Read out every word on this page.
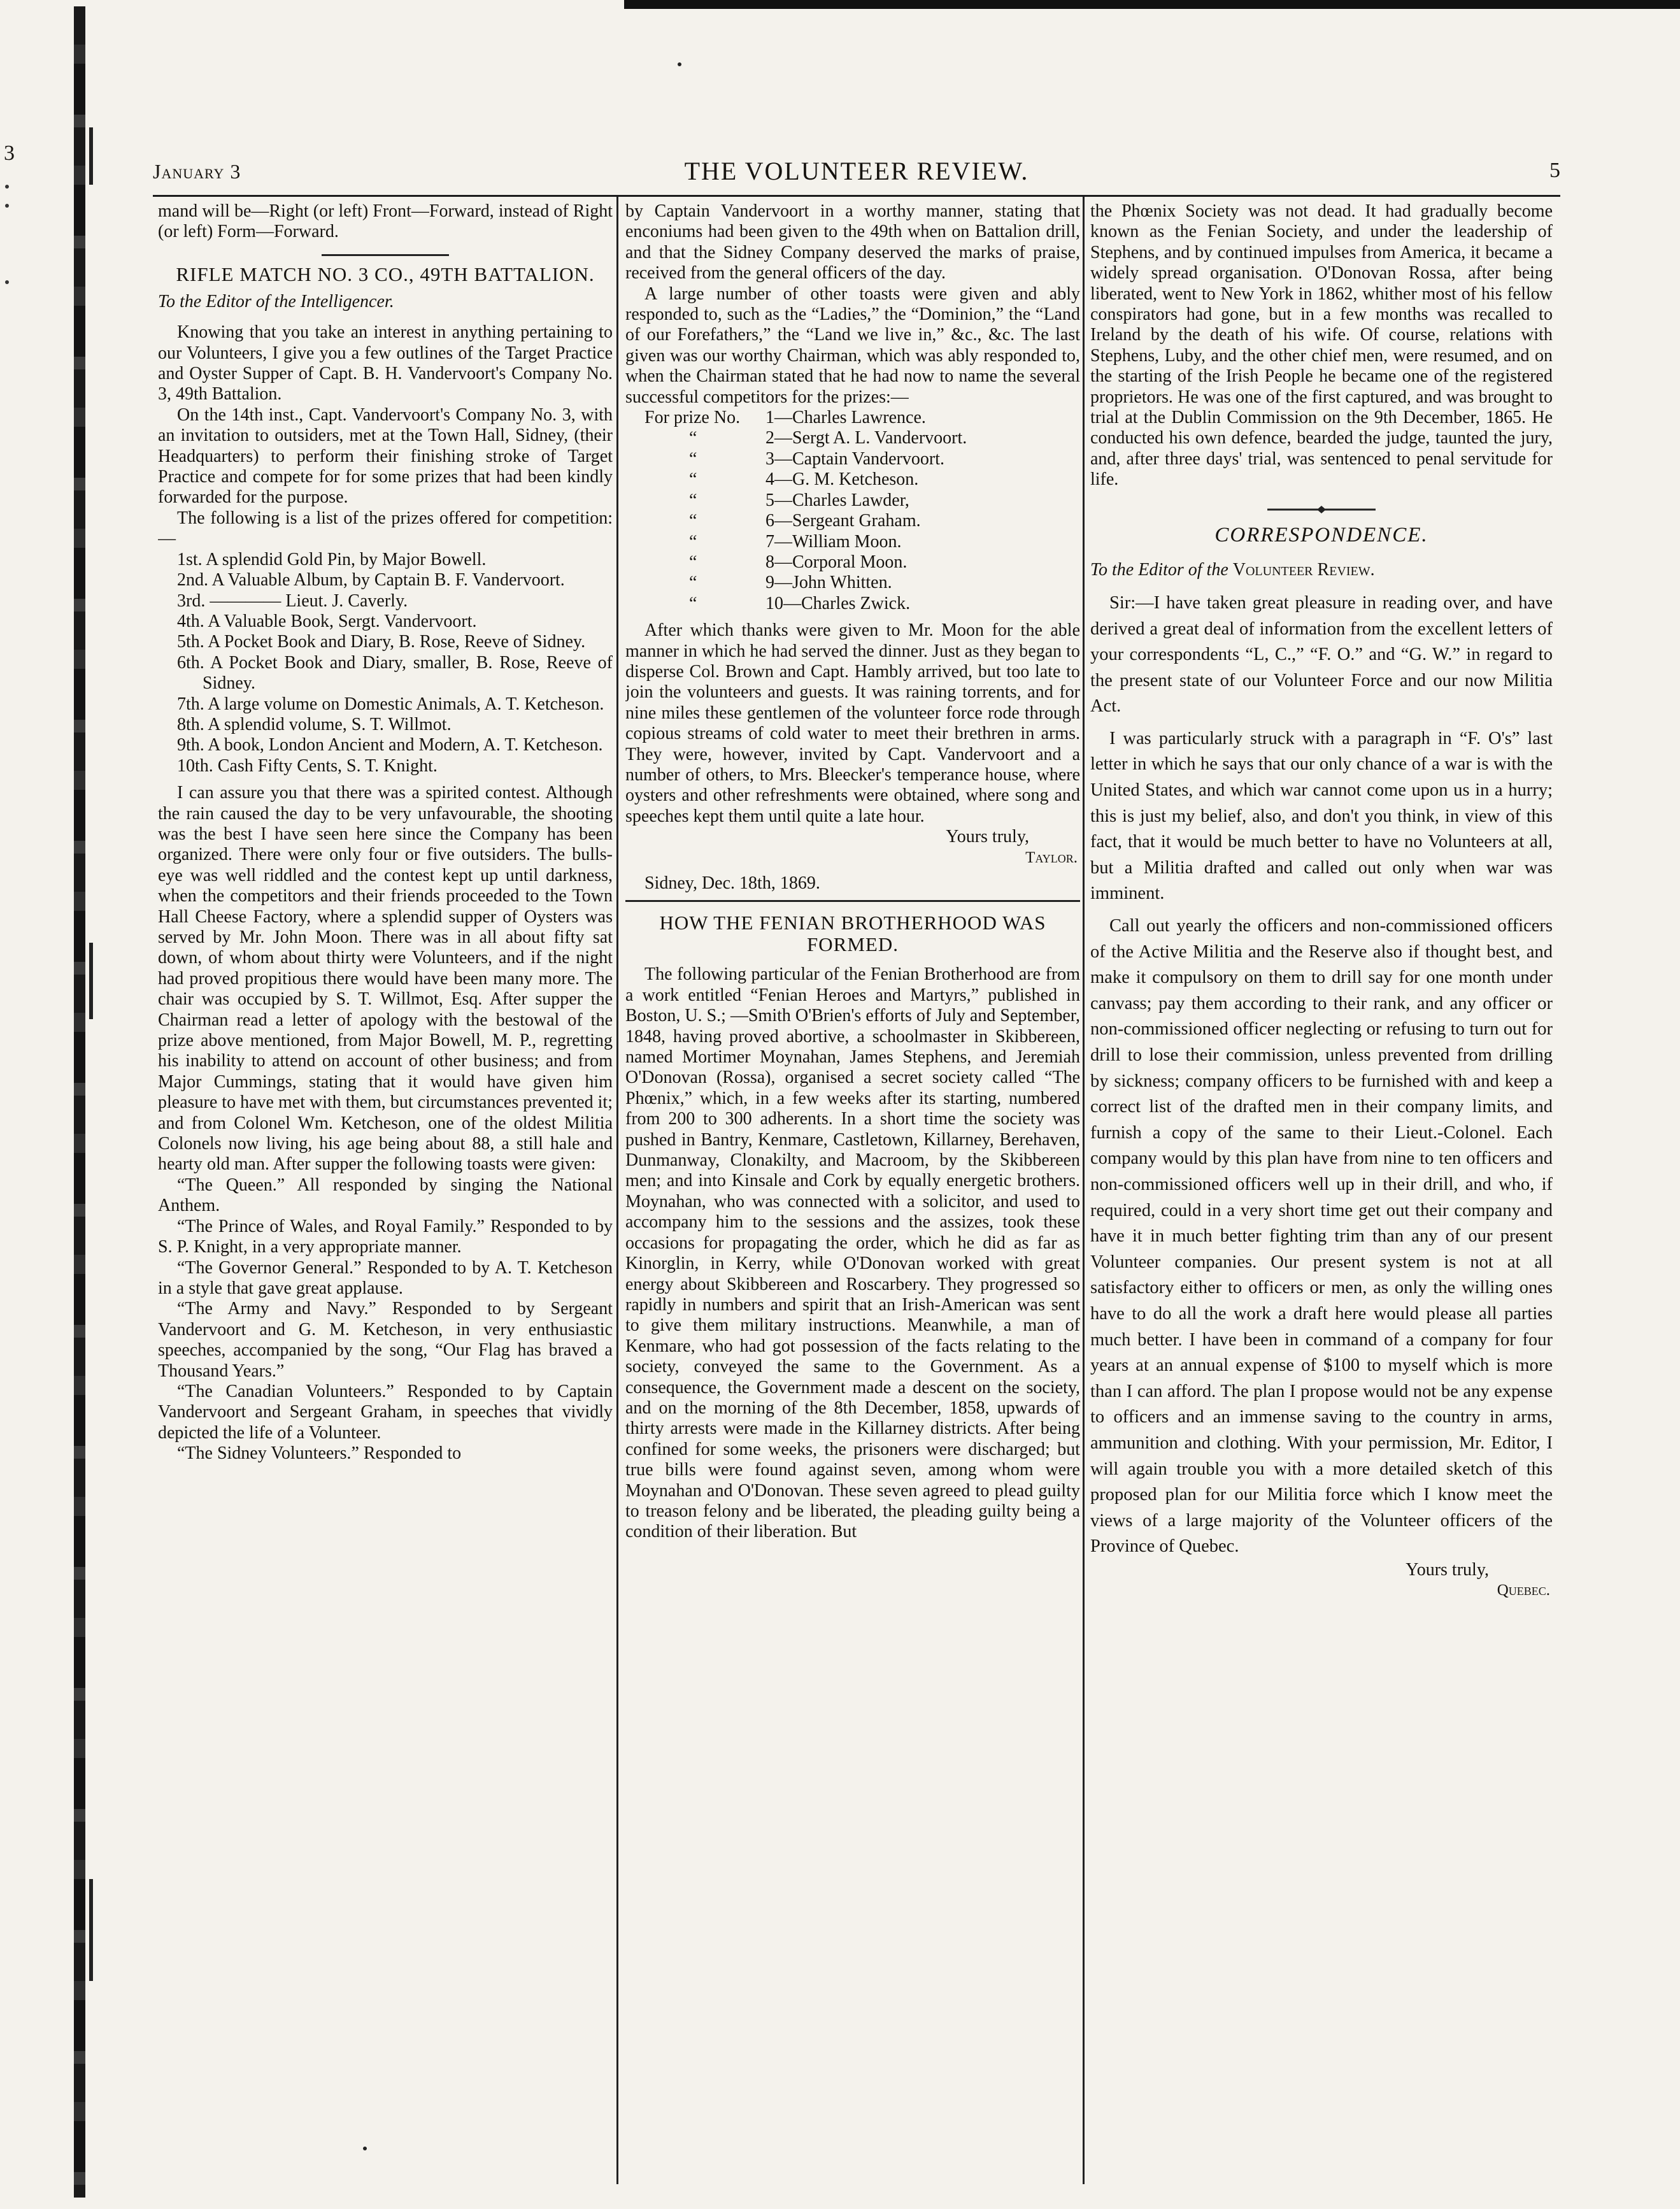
3
January 3	THE VOLUNTEER REVIEW.	5

mand will be—Right (or left) Front—Forward, instead of Right (or left) Form—Forward.

RIFLE MATCH NO. 3 CO., 49TH BATTALION.

To the Editor of the Intelligencer.

Knowing that you take an interest in anything pertaining to our Volunteers, I give you a few outlines of the Target Practice and Oyster Supper of Capt. B. H. Vandervoort's Company No. 3, 49th Battalion.

On the 14th inst., Capt. Vandervoort's Company No. 3, with an invitation to outsiders, met at the Town Hall, Sidney, (their Headquarters) to perform their finishing stroke of Target Practice and compete for for some prizes that had been kindly forwarded for the purpose.

The following is a list of the prizes offered for competition:—

1st. A splendid Gold Pin, by Major Bowell.

2nd. A Valuable Album, by Captain B. F. Vandervoort.

3rd. ———— Lieut. J. Caverly.

4th. A Valuable Book, Sergt. Vandervoort.

5th. A Pocket Book and Diary, B. Rose, Reeve of Sidney.

6th. A Pocket Book and Diary, smaller, B. Rose, Reeve of Sidney.

7th. A large volume on Domestic Animals, A. T. Ketcheson.

8th. A splendid volume, S. T. Willmot.

9th. A book, London Ancient and Modern, A. T. Ketcheson.

10th. Cash Fifty Cents, S. T. Knight.

I can assure you that there was a spirited contest. Although the rain caused the day to be very unfavourable, the shooting was the best I have seen here since the Company has been organized. There were only four or five outsiders. The bulls-eye was well riddled and the contest kept up until darkness, when the competitors and their friends proceeded to the Town Hall Cheese Factory, where a splendid supper of Oysters was served by Mr. John Moon. There was in all about fifty sat down, of whom about thirty were Volunteers, and if the night had proved propitious there would have been many more. The chair was occupied by S. T. Willmot, Esq. After supper the Chairman read a letter of apology with the bestowal of the prize above mentioned, from Major Bowell, M. P., regretting his inability to attend on account of other business; and from Major Cummings, stating that it would have given him pleasure to have met with them, but circumstances prevented it; and from Colonel Wm. Ketcheson, one of the oldest Militia Colonels now living, his age being about 88, a still hale and hearty old man. After supper the following toasts were given:

“The Queen.” All responded by singing the National Anthem.

“The Prince of Wales, and Royal Family.” Responded to by S. P. Knight, in a very appropriate manner.

“The Governor General.” Responded to by A. T. Ketcheson in a style that gave great applause.

“The Army and Navy.” Responded to by Sergeant Vandervoort and G. M. Ketcheson, in very enthusiastic speeches, accompanied by the song, “Our Flag has braved a Thousand Years.”

“The Canadian Volunteers.” Responded to by Captain Vandervoort and Sergeant Graham, in speeches that vividly depicted the life of a Volunteer.

“The Sidney Volunteers.” Responded to

by Captain Vandervoort in a worthy manner, stating that enconiums had been given to the 49th when on Battalion drill, and that the Sidney Company deserved the marks of praise, received from the general officers of the day.

A large number of other toasts were given and ably responded to, such as the “Ladies,” the “Dominion,” the “Land of our Forefathers,” the “Land we live in,” &c., &c. The last given was our worthy Chairman, which was ably responded to, when the Chairman stated that he had now to name the several successful competitors for the prizes:—

For prize No.	1—Charles Lawrence.
“	2—Sergt A. L. Vandervoort.
“	3—Captain Vandervoort.
“	4—G. M. Ketcheson.
“	5—Charles Lawder,
“	6—Sergeant Graham.
“	7—William Moon.
“	8—Corporal Moon.
“	9—John Whitten.
“	10—Charles Zwick.

After which thanks were given to Mr. Moon for the able manner in which he had served the dinner. Just as they began to disperse Col. Brown and Capt. Hambly arrived, but too late to join the volunteers and guests. It was raining torrents, and for nine miles these gentlemen of the volunteer force rode through copious streams of cold water to meet their brethren in arms. They were, however, invited by Capt. Vandervoort and a number of others, to Mrs. Bleecker's temperance house, where oysters and other refreshments were obtained, where song and speeches kept them until quite a late hour.

Yours truly,

Taylor.

Sidney, Dec. 18th, 1869.

HOW THE FENIAN BROTHERHOOD WAS FORMED.

The following particular of the Fenian Brotherhood are from a work entitled “Fenian Heroes and Martyrs,” published in Boston, U. S.; —Smith O'Brien's efforts of July and September, 1848, having proved abortive, a schoolmaster in Skibbereen, named Mortimer Moynahan, James Stephens, and Jeremiah O'Donovan (Rossa), organised a secret society called “The Phœnix,” which, in a few weeks after its starting, numbered from 200 to 300 adherents. In a short time the society was pushed in Bantry, Kenmare, Castletown, Killarney, Berehaven, Dunmanway, Clonakilty, and Macroom, by the Skibbereen men; and into Kinsale and Cork by equally energetic brothers. Moynahan, who was connected with a solicitor, and used to accompany him to the sessions and the assizes, took these occasions for propagating the order, which he did as far as Kinorglin, in Kerry, while O'Donovan worked with great energy about Skibbereen and Roscarbery. They progressed so rapidly in numbers and spirit that an Irish-American was sent to give them military instructions. Meanwhile, a man of Kenmare, who had got possession of the facts relating to the society, conveyed the same to the Government. As a consequence, the Government made a descent on the society, and on the morning of the 8th December, 1858, upwards of thirty arrests were made in the Killarney districts. After being confined for some weeks, the prisoners were discharged; but true bills were found against seven, among whom were Moynahan and O'Donovan. These seven agreed to plead guilty to treason felony and be liberated, the pleading guilty being a condition of their liberation. But

the Phœnix Society was not dead. It had gradually become known as the Fenian Society, and under the leadership of Stephens, and by continued impulses from America, it became a widely spread organisation. O'Donovan Rossa, after being liberated, went to New York in 1862, whither most of his fellow conspirators had gone, but in a few months was recalled to Ireland by the death of his wife. Of course, relations with Stephens, Luby, and the other chief men, were resumed, and on the starting of the Irish People he became one of the registered proprietors. He was one of the first captured, and was brought to trial at the Dublin Commission on the 9th December, 1865. He conducted his own defence, bearded the judge, taunted the jury, and, after three days' trial, was sentenced to penal servitude for life.

CORRESPONDENCE.

To the Editor of the Volunteer Review.

Sir:—I have taken great pleasure in reading over, and have derived a great deal of information from the excellent letters of your correspondents “L, C.,” “F. O.” and “G. W.” in regard to the present state of our Volunteer Force and our now Militia Act.

I was particularly struck with a paragraph in “F. O's” last letter in which he says that our only chance of a war is with the United States, and which war cannot come upon us in a hurry; this is just my belief, also, and don't you think, in view of this fact, that it would be much better to have no Volunteers at all, but a Militia drafted and called out only when war was imminent.

Call out yearly the officers and non-commissioned officers of the Active Militia and the Reserve also if thought best, and make it compulsory on them to drill say for one month under canvass; pay them according to their rank, and any officer or non-commissioned officer neglecting or refusing to turn out for drill to lose their commission, unless prevented from drilling by sickness; company officers to be furnished with and keep a correct list of the drafted men in their company limits, and furnish a copy of the same to their Lieut.-Colonel. Each company would by this plan have from nine to ten officers and non-commissioned officers well up in their drill, and who, if required, could in a very short time get out their company and have it in much better fighting trim than any of our present Volunteer companies. Our present system is not at all satisfactory either to officers or men, as only the willing ones have to do all the work a draft here would please all parties much better. I have been in command of a company for four years at an annual expense of $100 to myself which is more than I can afford. The plan I propose would not be any expense to officers and an immense saving to the country in arms, ammunition and clothing. With your permission, Mr. Editor, I will again trouble you with a more detailed sketch of this proposed plan for our Militia force which I know meet the views of a large majority of the Volunteer officers of the Province of Quebec.

Yours truly,

Quebec.
